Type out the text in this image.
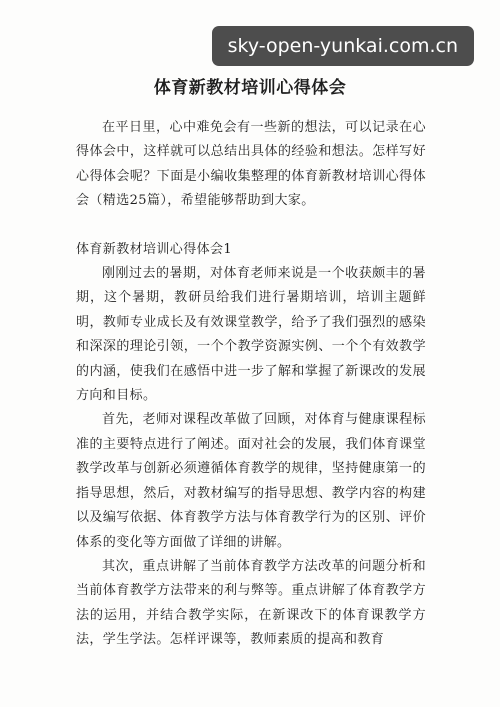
sky-open-yunkai.com.cn
体育新教材培训心得体会

在平日里，心中难免会有一些新的想法，可以记录在心得体会中，这样就可以总结出具体的经验和想法。怎样写好心得体会呢？下面是小编收集整理的体育新教材培训心得体会（精选25篇），希望能够帮助到大家。

体育新教材培训心得体会1

刚刚过去的暑期，对体育老师来说是一个收获颇丰的暑期，这个暑期，教研员给我们进行暑期培训，培训主题鲜明，教师专业成长及有效课堂教学，给予了我们强烈的感染和深深的理论引领，一个个教学资源实例、一个个有效教学的内涵，使我们在感悟中进一步了解和掌握了新课改的发展方向和目标。

首先，老师对课程改革做了回顾，对体育与健康课程标准的主要特点进行了阐述。面对社会的发展，我们体育课堂教学改革与创新必须遵循体育教学的规律，坚持健康第一的指导思想，然后，对教材编写的指导思想、教学内容的构建以及编写依据、体育教学方法与体育教学行为的区别、评价体系的变化等方面做了详细的讲解。

其次，重点讲解了当前体育教学方法改革的问题分析和当前体育教学方法带来的利与弊等。重点讲解了体育教学方法的运用，并结合教学实际，在新课改下的体育课教学方法，学生学法。怎样评课等，教师素质的提高和教育
